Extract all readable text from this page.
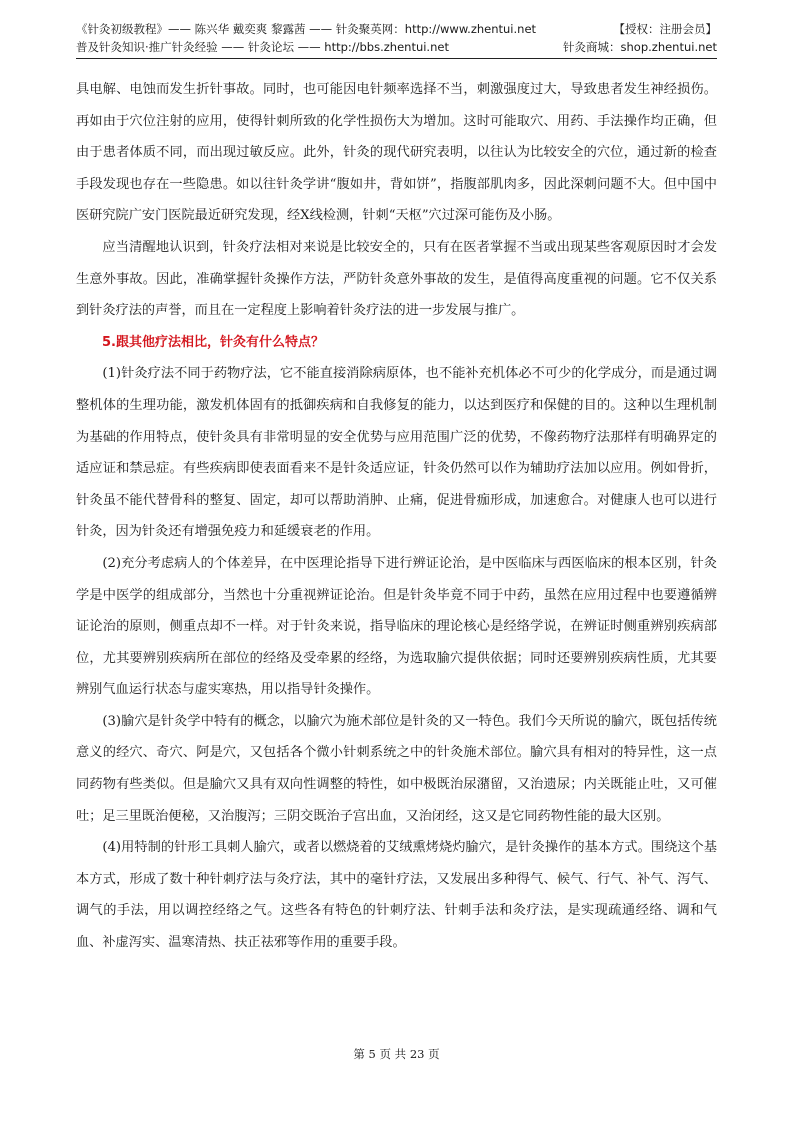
《针灸初级教程》—— 陈兴华 戴奕爽 黎露茜 —— 针灸聚英网：http://www.zhentui.net	【授权：注册会员】
普及针灸知识·推广针灸经验 —— 针灸论坛 —— http://bbs.zhentui.net	针灸商城：shop.zhentui.net

具电解、电蚀而发生折针事故。同时，也可能因电针频率选择不当，刺激强度过大，导致患者发生神经损伤。再如由于穴位注射的应用，使得针刺所致的化学性损伤大为增加。这时可能取穴、用药、手法操作均正确，但由于患者体质不同，而出现过敏反应。此外，针灸的现代研究表明，以往认为比较安全的穴位，通过新的检查手段发现也存在一些隐患。如以往针灸学讲“腹如井，背如饼”，指腹部肌肉多，因此深刺问题不大。但中国中医研究院广安门医院最近研究发现，经X线检测，针刺“天枢”穴过深可能伤及小肠。

应当清醒地认识到，针灸疗法相对来说是比较安全的，只有在医者掌握不当或出现某些客观原因时才会发生意外事故。因此，准确掌握针灸操作方法，严防针灸意外事故的发生，是值得高度重视的问题。它不仅关系到针灸疗法的声誉，而且在一定程度上影响着针灸疗法的进一步发展与推广。

5.跟其他疗法相比，针灸有什么特点？

(1)针灸疗法不同于药物疗法，它不能直接消除病原体，也不能补充机体必不可少的化学成分，而是通过调整机体的生理功能，激发机体固有的抵御疾病和自我修复的能力，以达到医疗和保健的目的。这种以生理机制为基础的作用特点，使针灸具有非常明显的安全优势与应用范围广泛的优势，不像药物疗法那样有明确界定的适应证和禁忌症。有些疾病即使表面看来不是针灸适应证，针灸仍然可以作为辅助疗法加以应用。例如骨折，针灸虽不能代替骨科的整复、固定，却可以帮助消肿、止痛，促进骨痂形成，加速愈合。对健康人也可以进行针灸，因为针灸还有增强免疫力和延缓衰老的作用。

(2)充分考虑病人的个体差异，在中医理论指导下进行辨证论治，是中医临床与西医临床的根本区别，针灸学是中医学的组成部分，当然也十分重视辨证论治。但是针灸毕竟不同于中药，虽然在应用过程中也要遵循辨证论治的原则，侧重点却不一样。对于针灸来说，指导临床的理论核心是经络学说，在辨证时侧重辨别疾病部位，尤其要辨别疾病所在部位的经络及受牵累的经络，为选取腧穴提供依据；同时还要辨别疾病性质，尤其要辨别气血运行状态与虚实寒热，用以指导针灸操作。

(3)腧穴是针灸学中特有的概念，以腧穴为施术部位是针灸的又一特色。我们今天所说的腧穴，既包括传统意义的经穴、奇穴、阿是穴，又包括各个微小针刺系统之中的针灸施术部位。腧穴具有相对的特异性，这一点同药物有些类似。但是腧穴又具有双向性调整的特性，如中极既治尿潴留，又治遗尿；内关既能止吐，又可催吐；足三里既治便秘，又治腹泻；三阴交既治子宫出血，又治闭经，这又是它同药物性能的最大区别。

(4)用特制的针形工具刺人腧穴，或者以燃烧着的艾绒熏烤烧灼腧穴，是针灸操作的基本方式。围绕这个基本方式，形成了数十种针刺疗法与灸疗法，其中的毫针疗法，又发展出多种得气、候气、行气、补气、泻气、调气的手法，用以调控经络之气。这些各有特色的针刺疗法、针刺手法和灸疗法，是实现疏通经络、调和气血、补虚泻实、温寒清热、扶正祛邪等作用的重要手段。

第 5 页 共 23 页
